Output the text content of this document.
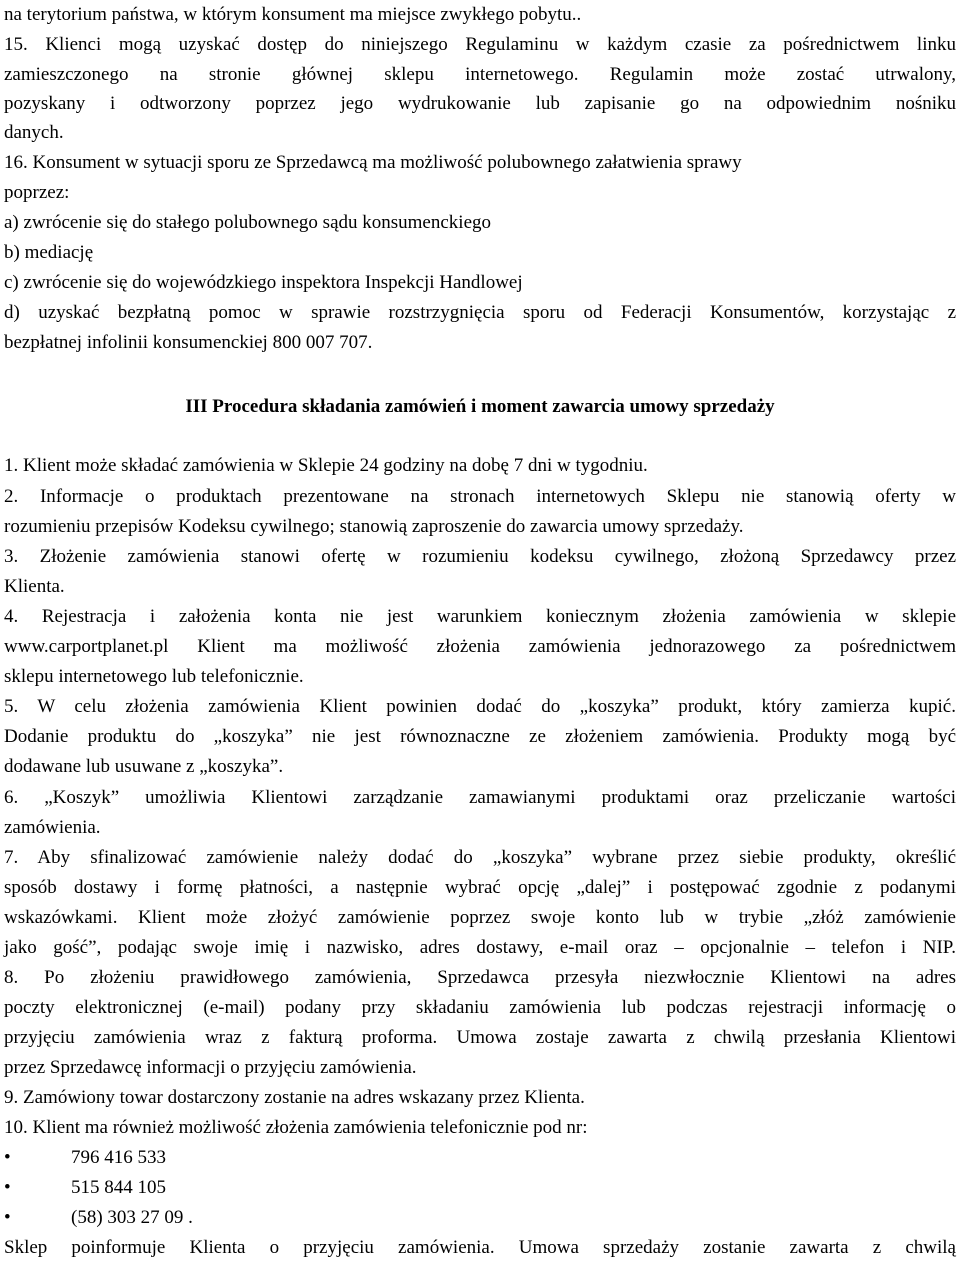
na terytorium państwa, w którym konsument ma miejsce zwykłego pobytu..
15. Klienci mogą uzyskać dostęp do niniejszego Regulaminu w każdym czasie za pośrednictwem linku
zamieszczonego na stronie głównej sklepu internetowego. Regulamin może zostać utrwalony,
pozyskany i odtworzony poprzez jego wydrukowanie lub zapisanie go na odpowiednim nośniku
danych.
16. Konsument w sytuacji sporu ze Sprzedawcą ma możliwość polubownego załatwienia sprawy
poprzez:
a) zwrócenie się do stałego polubownego sądu konsumenckiego
b) mediację
c) zwrócenie się do wojewódzkiego inspektora Inspekcji Handlowej
d) uzyskać bezpłatną pomoc w sprawie rozstrzygnięcia sporu od Federacji Konsumentów, korzystając z
bezpłatnej infolinii konsumenckiej 800 007 707.
III Procedura składania zamówień i moment zawarcia umowy sprzedaży
1. Klient może składać zamówienia w Sklepie 24 godziny na dobę 7 dni w tygodniu.
2. Informacje o produktach prezentowane na stronach internetowych Sklepu nie stanowią oferty w
rozumieniu przepisów Kodeksu cywilnego; stanowią zaproszenie do zawarcia umowy sprzedaży.
3. Złożenie zamówienia stanowi ofertę w rozumieniu kodeksu cywilnego, złożoną Sprzedawcy przez
Klienta.
4. Rejestracja i założenia konta nie jest warunkiem koniecznym złożenia zamówienia w sklepie
www.carportplanet.pl Klient ma możliwość złożenia zamówienia jednorazowego za pośrednictwem
sklepu internetowego lub telefonicznie.
5. W celu złożenia zamówienia Klient powinien dodać do „koszyka” produkt, który zamierza kupić.
Dodanie produktu do „koszyka” nie jest równoznaczne ze złożeniem zamówienia. Produkty mogą być
dodawane lub usuwane z „koszyka”.
6. „Koszyk” umożliwia Klientowi zarządzanie zamawianymi produktami oraz przeliczanie wartości
zamówienia.
7. Aby sfinalizować zamówienie należy dodać do „koszyka” wybrane przez siebie produkty, określić
sposób dostawy i formę płatności, a następnie wybrać opcję „dalej” i postępować zgodnie z podanymi
wskazówkami. Klient może złożyć zamówienie poprzez swoje konto lub w trybie „złóż zamówienie
jako gość”, podając swoje imię i nazwisko, adres dostawy, e-mail oraz – opcjonalnie – telefon i NIP.
8. Po złożeniu prawidłowego zamówienia, Sprzedawca przesyła niezwłocznie Klientowi na adres
poczty elektronicznej (e-mail) podany przy składaniu zamówienia lub podczas rejestracji informację o
przyjęciu zamówienia wraz z fakturą proforma. Umowa zostaje zawarta z chwilą przesłania Klientowi
przez Sprzedawcę informacji o przyjęciu zamówienia.
9. Zamówiony towar dostarczony zostanie na adres wskazany przez Klienta.
10. Klient ma również możliwość złożenia zamówienia telefonicznie pod nr:
•	796 416 533
•	515 844 105
•	(58) 303 27 09 .
Sklep poinformuje Klienta o przyjęciu zamówienia. Umowa sprzedaży zostanie zawarta z chwilą
